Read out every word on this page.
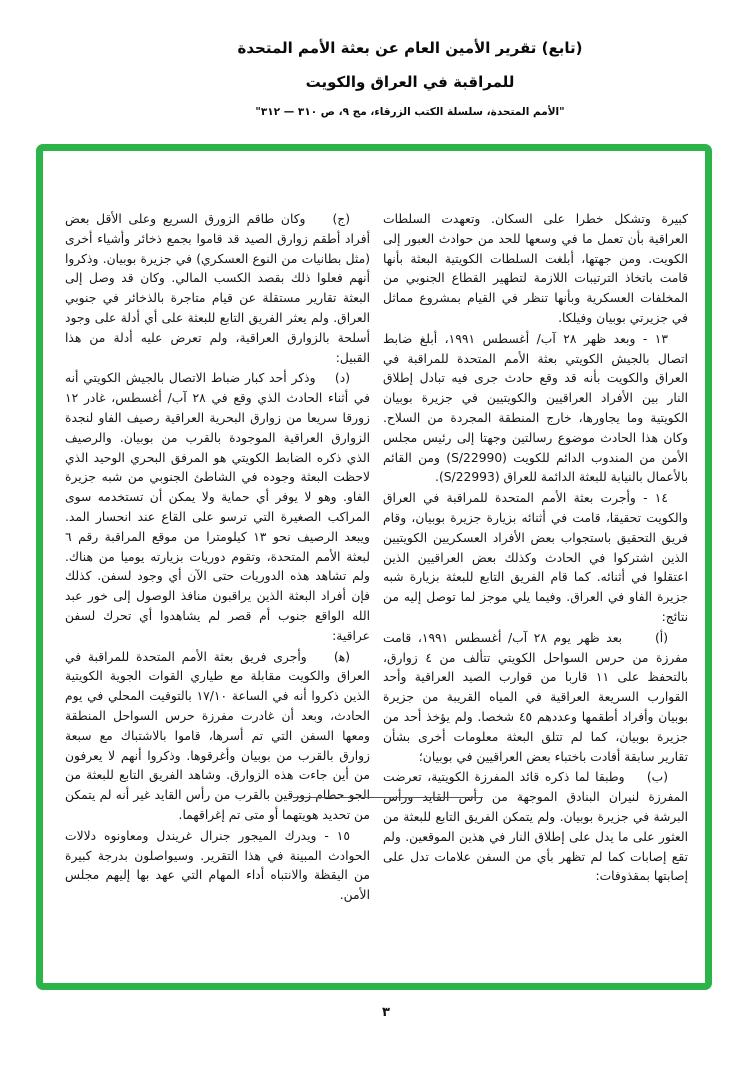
(تابع) تقرير الأمين العام عن بعثة الأمم المتحدة
للمراقبة في العراق والكويت
"الأمم المتحدة، سلسلة الكتب الزرقاء، مج ٩، ص ٣١٠ — ٣١٢"

كبيرة وتشكل خطرا على السكان. وتعهدت السلطات العراقية بأن تعمل ما في وسعها للحد من حوادث العبور إلى الكويت. ومن جهتها، أبلغت السلطات الكويتية البعثة بأنها قامت باتخاذ الترتيبات اللازمة لتطهير القطاع الجنوبي من المخلفات العسكرية وبأنها تنظر في القيام بمشروع مماثل في جزيرتي بوبيان وفيلكا.

١٣ - وبعد ظهر ٢٨ آب/ أغسطس ١٩٩١، أبلغ ضابط اتصال بالجيش الكويتي بعثة الأمم المتحدة للمراقبة في العراق والكويت بأنه قد وقع حادث جرى فيه تبادل إطلاق النار بين الأفراد العراقيين والكويتيين في جزيرة بوبيان الكويتية وما يجاورها، خارج المنطقة المجردة من السلاح. وكان هذا الحادث موضوع رسالتين وجهتا إلى رئيس مجلس الأمن من المندوب الدائم للكويت (S/22990) ومن القائم بالأعمال بالنيابة للبعثة الدائمة للعراق (S/22993).

١٤ - وأجرت بعثة الأمم المتحدة للمراقبة في العراق والكويت تحقيقا، قامت في أثنائه بزيارة جزيرة بوبيان، وقام فريق التحقيق باستجواب بعض الأفراد العسكريين الكويتيين الذين اشتركوا في الحادث وكذلك بعض العراقيين الذين اعتقلوا في أثنائه. كما قام الفريق التابع للبعثة بزيارة شبه جزيرة الفاو في العراق. وفيما يلي موجز لما توصل إليه من نتائج:

(أ)     بعد ظهر يوم ٢٨ آب/ أغسطس ١٩٩١، قامت مفرزة من حرس السواحل الكويتي تتألف من ٤ زوارق، بالتحفظ على ١١ قاربا من قوارب الصيد العراقية وأحد القوارب السريعة العراقية في المياه القريبة من جزيرة بوبيان وأفراد أطقمها وعددهم ٤٥ شخصا. ولم يؤخذ أحد من جزيرة بوبيان، كما لم تتلق البعثة معلومات أخرى بشأن تقارير سابقة أفادت باختباء بعض العراقيين في بوبيان؛

(ب)    وطبقا لما ذكره قائد المفرزة الكويتية، تعرضت المفرزة لنيران البنادق الموجهة من رأس القايد ورأس البرشة في جزيرة بوبيان. ولم يتمكن الفريق التابع للبعثة من العثور على ما يدل على إطلاق النار في هذين الموقعين. ولم تقع إصابات كما لم تظهر بأي من السفن علامات تدل على إصابتها بمقذوفات:

(ج)    وكان طاقم الزورق السريع وعلى الأقل بعض أفراد أطقم زوارق الصيد قد قاموا بجمع ذخائر وأشياء أخرى (مثل بطانيات من النوع العسكري) في جزيرة بوبيان. وذكروا أنهم فعلوا ذلك بقصد الكسب المالي. وكان قد وصل إلى البعثة تقارير مستقلة عن قيام متاجرة بالذخائر في جنوبي العراق. ولم يعثر الفريق التابع للبعثة على أي أدلة على وجود أسلحة بالزوارق العراقية، ولم تعرض عليه أدلة من هذا القبيل:

(د)    وذكر أحد كبار ضباط الاتصال بالجيش الكويتي أنه في أثناء الحادث الذي وقع في ٢٨ آب/ أغسطس، غادر ١٢ زورقا سريعا من زوارق البحرية العراقية رصيف الفاو لنجدة الزوارق العراقية الموجودة بالقرب من بوبيان. والرصيف الذي ذكره الضابط الكويتي هو المرفق البحري الوحيد الذي لاحظت البعثة وجوده في الشاطئ الجنوبي من شبه جزيرة الفاو. وهو لا يوفر أي حماية ولا يمكن أن تستخدمه سوى المراكب الصغيرة التي ترسو على القاع عند انحسار المد. ويبعد الرصيف نحو ١٣ كيلومترا من موقع المراقبة رقم ٦ لبعثة الأمم المتحدة، وتقوم دوريات بزيارته يوميا من هناك. ولم تشاهد هذه الدوريات حتى الآن أي وجود لسفن. كذلك فإن أفراد البعثة الذين يراقبون منافذ الوصول إلى خور عبد الله الواقع جنوب أم قصر لم يشاهدوا أي تحرك لسفن عراقية:

(ﻫ)    وأجرى فريق بعثة الأمم المتحدة للمراقبة في العراق والكويت مقابلة مع طياري القوات الجوية الكويتية الذين ذكروا أنه في الساعة ١٧/١٠ بالتوقيت المحلي في يوم الحادث، وبعد أن غادرت مفرزة حرس السواحل المنطقة ومعها السفن التي تم أسرها، قاموا بالاشتباك مع سبعة زوارق بالقرب من بوبيان وأغرقوها. وذكروا أنهم لا يعرفون من أين جاءت هذه الزوارق. وشاهد الفريق التابع للبعثة من الجو حطام زورقين بالقرب من رأس القايد غير أنه لم يتمكن من تحديد هويتهما أو متى تم إغراقهما.

١٥ - ويدرك الميجور جنرال غريندل ومعاونوه دلالات الحوادث المبينة في هذا التقرير. وسيواصلون بدرجة كبيرة من اليقظة والانتباه أداء المهام التي عهد بها إليهم مجلس الأمن.

٣
